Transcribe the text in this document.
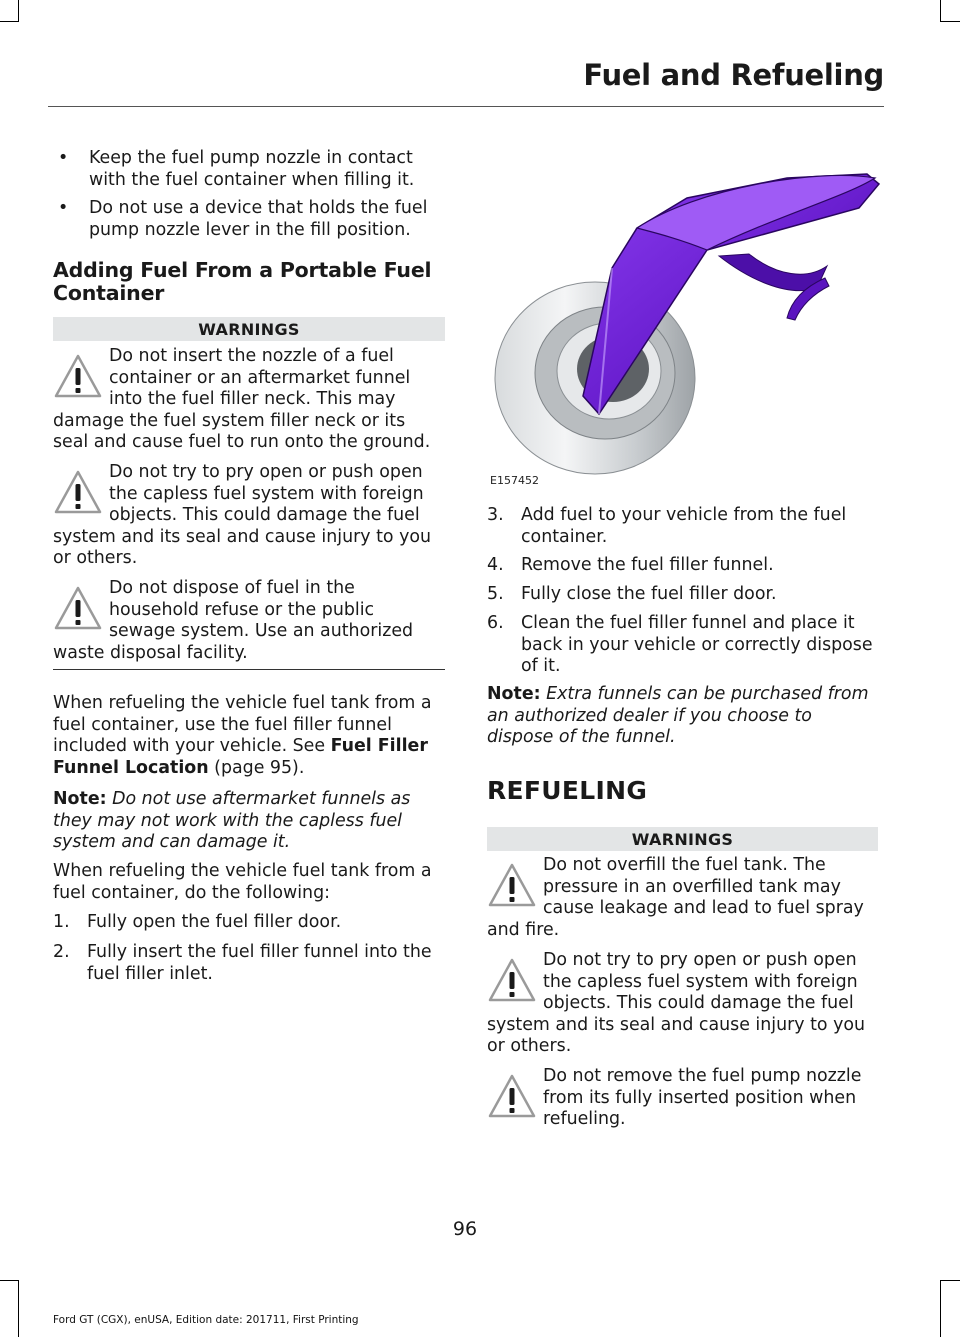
Fuel and Refueling
• Keep the fuel pump nozzle in contact with the fuel container when filling it.
• Do not use a device that holds the fuel pump nozzle lever in the fill position.
Adding Fuel From a Portable Fuel Container
WARNINGS

Do not insert the nozzle of a fuel container or an aftermarket funnel into the fuel filler neck. This may damage the fuel system filler neck or its seal and cause fuel to run onto the ground.

Do not try to pry open or push open the capless fuel system with foreign objects. This could damage the fuel system and its seal and cause injury to you or others.

Do not dispose of fuel in the household refuse or the public sewage system. Use an authorized waste disposal facility.

When refueling the vehicle fuel tank from a fuel container, use the fuel filler funnel included with your vehicle. See Fuel Filler Funnel Location (page 95).
Note: Do not use aftermarket funnels as they may not work with the capless fuel system and can damage it.
When refueling the vehicle fuel tank from a fuel container, do the following:
1. Fully open the fuel filler door.
2. Fully insert the fuel filler funnel into the fuel filler inlet.
E157452
3. Add fuel to your vehicle from the fuel container.
4. Remove the fuel filler funnel.
5. Fully close the fuel filler door.
6. Clean the fuel filler funnel and place it back in your vehicle or correctly dispose of it.
Note: Extra funnels can be purchased from an authorized dealer if you choose to dispose of the funnel.
REFUELING
WARNINGS

Do not overfill the fuel tank. The pressure in an overfilled tank may cause leakage and lead to fuel spray and fire.

Do not try to pry open or push open the capless fuel system with foreign objects. This could damage the fuel system and its seal and cause injury to you or others.

Do not remove the fuel pump nozzle from its fully inserted position when refueling.

96
Ford GT (CGX), enUSA, Edition date: 201711, First Printing
